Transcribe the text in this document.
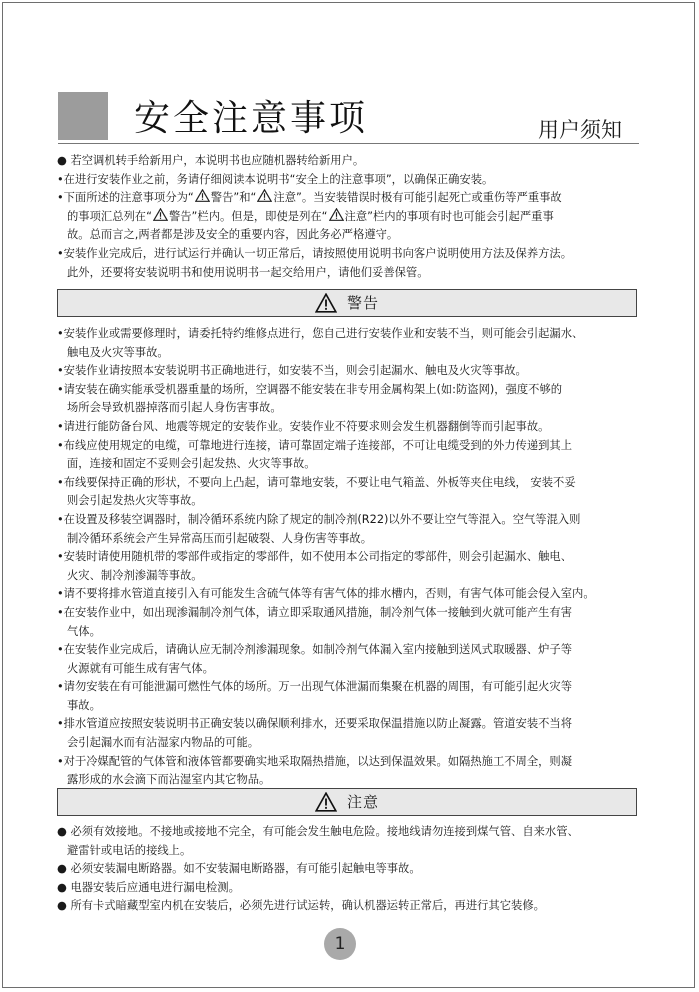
安全注意事项	用户须知
● 若空调机转手给新用户，本说明书也应随机器转给新用户。
•在进行安装作业之前，务请仔细阅读本说明书“安全上的注意事项”，以确保正确安装。
•下面所述的注意事项分为“ 警告”和“ 注意”。当安装错误时极有可能引起死亡或重伤等严重事故
的事项汇总列在“ 警告”栏内。但是，即使是列在“ 注意”栏内的事项有时也可能会引起严重事
故。总而言之,两者都是涉及安全的重要内容，因此务必严格遵守。
•安装作业完成后，进行试运行并确认一切正常后，请按照使用说明书向客户说明使用方法及保养方法。
此外，还要将安装说明书和使用说明书一起交给用户，请他们妥善保管。
警告
•安装作业或需要修理时，请委托特约维修点进行，您自己进行安装作业和安装不当，则可能会引起漏水、
触电及火灾等事故。
•安装作业请按照本安装说明书正确地进行，如安装不当，则会引起漏水、触电及火灾等事故。
•请安装在确实能承受机器重量的场所，空调器不能安装在非专用金属构架上(如:防盗网)，强度不够的
场所会导致机器掉落而引起人身伤害事故。
•请进行能防备台风、地震等规定的安装作业。安装作业不符要求则会发生机器翻倒等而引起事故。
•布线应使用规定的电缆，可靠地进行连接，请可靠固定端子连接部，不可让电缆受到的外力传递到其上
面，连接和固定不妥则会引起发热、火灾等事故。
•布线要保持正确的形状，不要向上凸起，请可靠地安装，不要让电气箱盖、外板等夹住电线， 安装不妥
则会引起发热火灾等事故。
•在设置及移装空调器时，制冷循环系统内除了规定的制冷剂(R22)以外不要让空气等混入。空气等混入则
制冷循环系统会产生异常高压而引起破裂、人身伤害等事故。
•安装时请使用随机带的零部件或指定的零部件，如不使用本公司指定的零部件，则会引起漏水、触电、
火灾、制冷剂渗漏等事故。
•请不要将排水管道直接引入有可能发生含硫气体等有害气体的排水槽内，否则，有害气体可能会侵入室内。
•在安装作业中，如出现渗漏制冷剂气体，请立即采取通风措施，制冷剂气体一接触到火就可能产生有害
气体。
•在安装作业完成后，请确认应无制冷剂渗漏现象。如制冷剂气体漏入室内接触到送风式取暖器、炉子等
火源就有可能生成有害气体。
•请勿安装在有可能泄漏可燃性气体的场所。万一出现气体泄漏而集聚在机器的周围，有可能引起火灾等
事故。
•排水管道应按照安装说明书正确安装以确保顺利排水，还要采取保温措施以防止凝露。管道安装不当将
会引起漏水而有沾湿家内物品的可能。
•对于冷媒配管的气体管和液体管都要确实地采取隔热措施，以达到保温效果。如隔热施工不周全，则凝
露形成的水会滴下而沾湿室内其它物品。
注意
● 必须有效接地。不接地或接地不完全，有可能会发生触电危险。接地线请勿连接到煤气管、自来水管、
避雷针或电话的接线上。
● 必须安装漏电断路器。如不安装漏电断路器，有可能引起触电等事故。
● 电器安装后应通电进行漏电检测。
● 所有卡式暗藏型室内机在安装后，必须先进行试运转，确认机器运转正常后，再进行其它装修。
1
